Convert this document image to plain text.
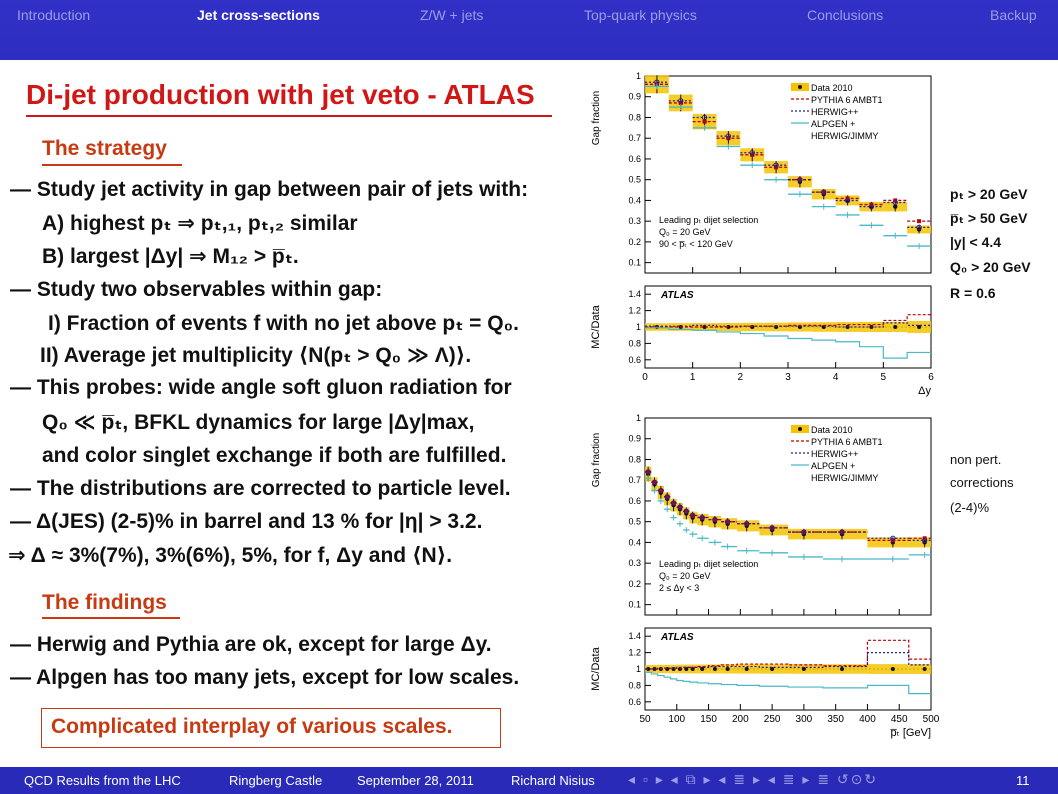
Introduction	Jet cross-sections	Z/W + jets	Top-quark physics	Conclusions	Backup
Di-jet production with jet veto - ATLAS
The strategy
— Study jet activity in gap between pair of jets with:
A) highest pₜ ⇒ pₜ,₁, pₜ,₂ similar
B) largest |Δy| ⇒ M₁₂ > p̅ₜ.
— Study two observables within gap:
I) Fraction of events f with no jet above pₜ = Q₀.
II) Average jet multiplicity ⟨N(pₜ > Q₀ ≫ Λ)⟩.
— This probes: wide angle soft gluon radiation for
Q₀ ≪ p̅ₜ, BFKL dynamics for large |Δy|max,
and color singlet exchange if both are fulfilled.
— The distributions are corrected to particle level.
— Δ(JES) (2-5)% in barrel and 13 % for |η| > 3.2.
⇒ Δ ≈ 3%(7%), 3%(6%), 5%, for f, Δy and ⟨N⟩.
The findings
— Herwig and Pythia are ok, except for large Δy.
— Alpgen has too many jets, except for low scales.
Complicated interplay of various scales.
pₜ > 20 GeV
p̅ₜ > 50 GeV
|y| < 4.4
Q₀ > 20 GeV
R = 0.6
non pert.
corrections
(2-4)%
0.1
0.2
0.3
0.4
0.5
0.6
0.7
0.8
0.9
1
0.6
0.8
1
1.2
1.4
0	1	2	3	4	5	6
Gap fraction
MC/Data
Δy
Data 2010
PYTHIA 6 AMBT1
HERWIG++
ALPGEN +
HERWIG/JIMMY
Leading pₜ dijet selection
Q₀ = 20 GeV
90 < p̅ₜ < 120 GeV
ATLAS
0.1
0.2
0.3
0.4
0.5
0.6
0.7
0.8
0.9
1
0.6
0.8
1
1.2
1.4
50 100 150 200 250 300 350 400 450 500
Gap fraction
MC/Data
p̅ₜ [GeV]
Data 2010
PYTHIA 6 AMBT1
HERWIG++
ALPGEN +
HERWIG/JIMMY
Leading pₜ dijet selection
Q₀ = 20 GeV
2 ≤ Δy < 3
ATLAS
QCD Results from the LHC	Ringberg Castle	September 28, 2011	Richard Nisius ◂ ▫ ▸ ◂ ⧉ ▸ ◂ ≣ ▸ ◂ ≣ ▸ ≣ ↺⊙↻	11
